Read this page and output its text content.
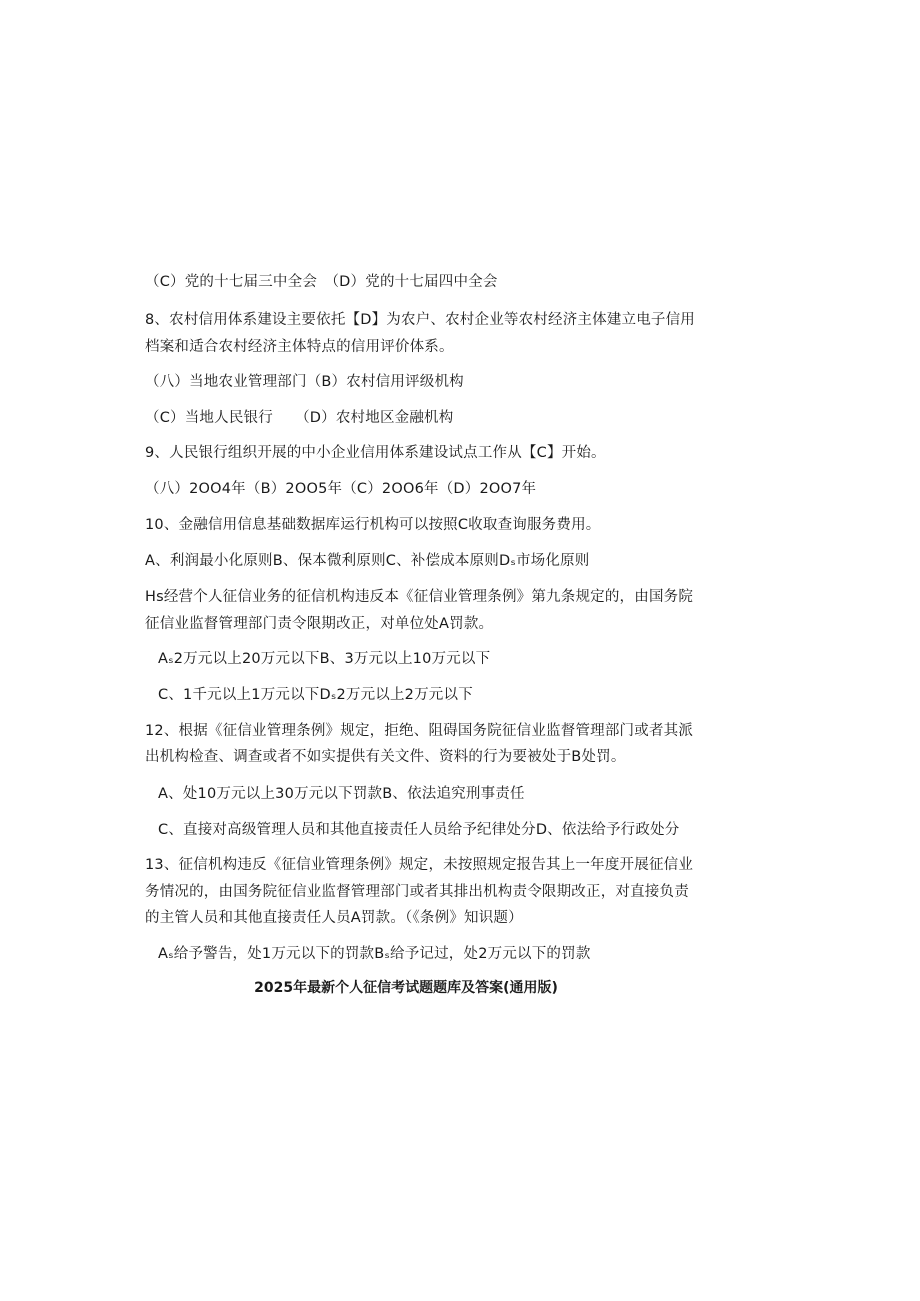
（C）党的十七届三中全会　（D）党的十七届四中全会
8、农村信用体系建设主要依托【D】为农户、农村企业等农村经济主体建立电子信用
档案和适合农村经济主体特点的信用评价体系。
（八）当地农业管理部门（B）农村信用评级机构
（C）当地人民银行　　（D）农村地区金融机构
9、人民银行组织开展的中小企业信用体系建设试点工作从【C】开始。
（八）2OO4年（B）2OO5年（C）2OO6年（D）2OO7年
10、金融信用信息基础数据库运行机构可以按照C收取查询服务费用。
A、利润最小化原则B、保本微利原则C、补偿成本原则Dₛ市场化原则
Hs经营个人征信业务的征信机构违反本《征信业管理条例》第九条规定的，由国务院
征信业监督管理部门责令限期改正，对单位处A罚款。
Aₛ2万元以上20万元以下B、3万元以上10万元以下
C、1千元以上1万元以下Dₛ2万元以上2万元以下
12、根据《征信业管理条例》规定，拒绝、阻碍国务院征信业监督管理部门或者其派
出机构检查、调查或者不如实提供有关文件、资料的行为要被处于B处罚。
A、处10万元以上30万元以下罚款B、依法追究刑事责任
C、直接对高级管理人员和其他直接责任人员给予纪律处分D、依法给予行政处分
13、征信机构违反《征信业管理条例》规定，未按照规定报告其上一年度开展征信业
务情况的，由国务院征信业监督管理部门或者其排出机构责令限期改正，对直接负责
的主管人员和其他直接责任人员A罚款。（《条例》知识题）
Aₛ给予警告，处1万元以下的罚款Bₛ给予记过，处2万元以下的罚款
2025年最新个人征信考试题题库及答案(通用版)
